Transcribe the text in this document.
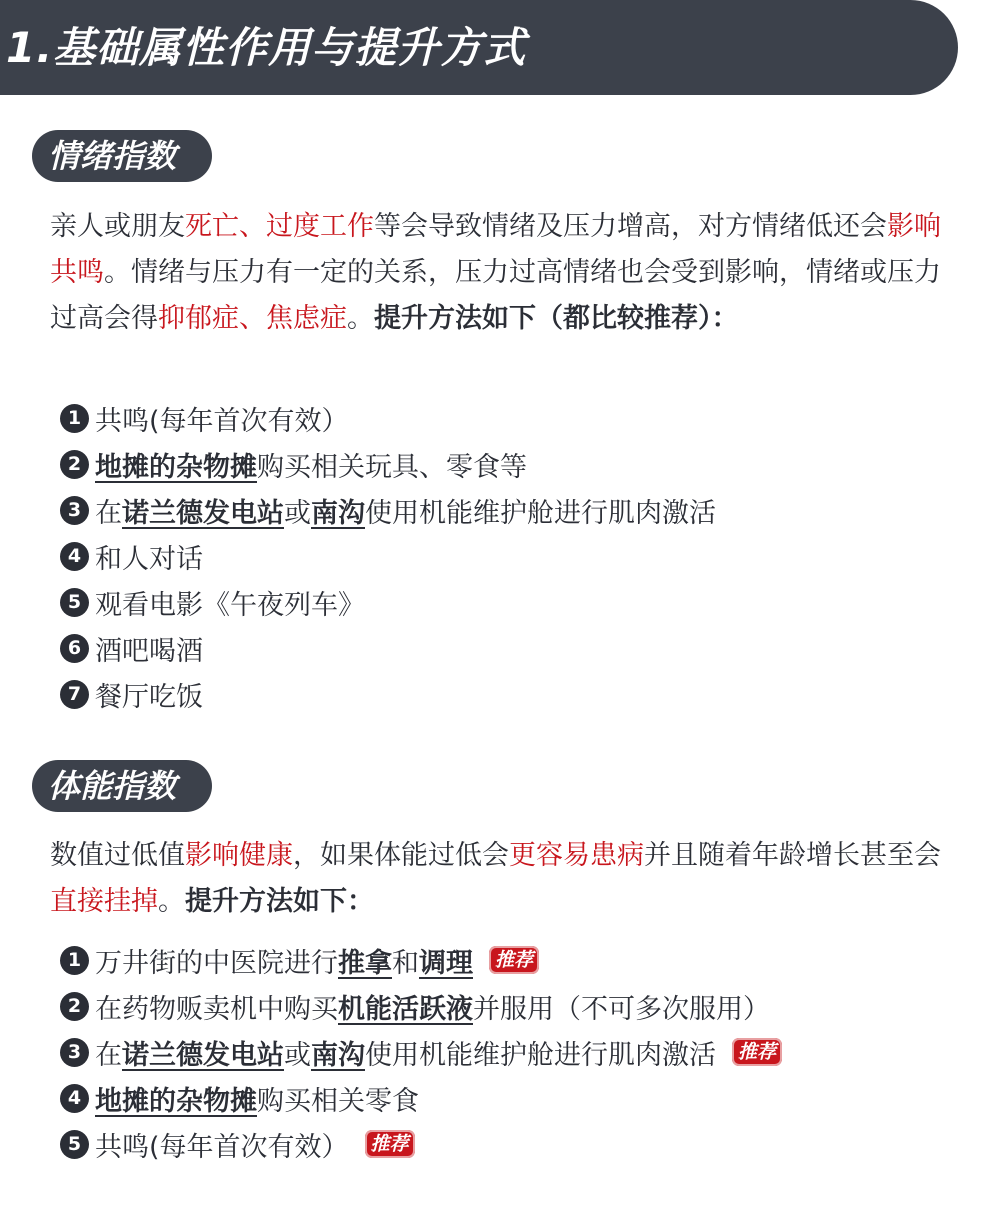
1.基础属性作用与提升方式
情绪指数
亲人或朋友死亡、过度工作等会导致情绪及压力增高，对方情绪低还会影响共鸣。情绪与压力有一定的关系，压力过高情绪也会受到影响，情绪或压力过高会得抑郁症、焦虑症。提升方法如下（都比较推荐）：
1 共鸣(每年首次有效）
2 地摊的杂物摊 购买相关玩具、零食等
3 在 诺兰德发电站 或 南沟 使用机能维护舱进行肌肉激活
4 和人对话
5 观看电影《午夜列车》
6 酒吧喝酒
7 餐厅吃饭
体能指数
数值过低值影响健康，如果体能过低会更容易患病并且随着年龄增长甚至会直接挂掉。提升方法如下：
1 万井街的中医院进行 推拿 和 调理	推荐
2 在药物贩卖机中购买 机能活跃液 并服用（不可多次服用）
3 在 诺兰德发电站 或 南沟 使用机能维护舱进行肌肉激活	推荐
4 地摊的杂物摊 购买相关零食
5 共鸣(每年首次有效）	推荐
